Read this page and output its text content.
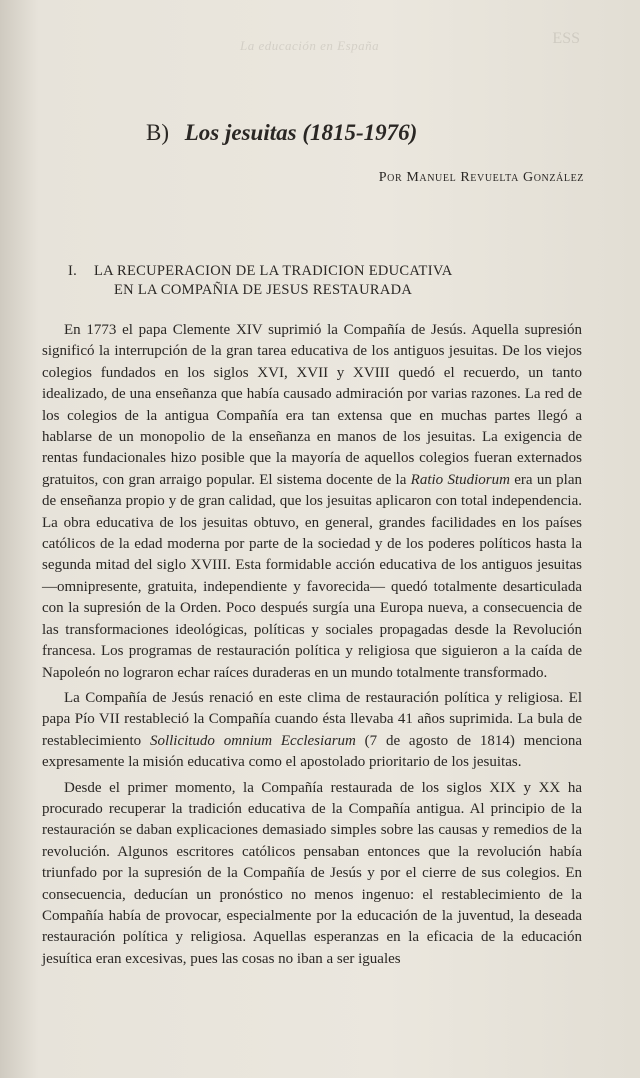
La educación en España	ESS
B) Los jesuitas (1815-1976)
Por Manuel Revuelta González
I. LA RECUPERACION DE LA TRADICION EDUCATIVA
EN LA COMPAÑIA DE JESUS RESTAURADA

En 1773 el papa Clemente XIV suprimió la Compañía de Jesús. Aquella supresión significó la interrupción de la gran tarea educativa de los antiguos jesuitas. De los viejos colegios fundados en los siglos XVI, XVII y XVIII quedó el recuerdo, un tanto idealizado, de una enseñanza que había causado admiración por varias razones. La red de los colegios de la antigua Compañía era tan extensa que en muchas partes llegó a hablarse de un monopolio de la enseñanza en manos de los jesuitas. La exigencia de rentas fundacionales hizo posible que la mayoría de aquellos colegios fueran externados gratuitos, con gran arraigo popular. El sistema docente de la Ratio Studiorum era un plan de enseñanza propio y de gran calidad, que los jesuitas aplicaron con total independencia. La obra educativa de los jesuitas obtuvo, en general, grandes facilidades en los países católicos de la edad moderna por parte de la sociedad y de los poderes políticos hasta la segunda mitad del siglo XVIII. Esta formidable acción educativa de los antiguos jesuitas —omnipresente, gratuita, independiente y favorecida— quedó totalmente desarticulada con la supresión de la Orden. Poco después surgía una Europa nueva, a consecuencia de las transformaciones ideológicas, políticas y sociales propagadas desde la Revolución francesa. Los programas de restauración política y religiosa que siguieron a la caída de Napoleón no lograron echar raíces duraderas en un mundo totalmente transformado.

La Compañía de Jesús renació en este clima de restauración política y religiosa. El papa Pío VII restableció la Compañía cuando ésta llevaba 41 años suprimida. La bula de restablecimiento Sollicitudo omnium Ecclesiarum (7 de agosto de 1814) menciona expresamente la misión educativa como el apostolado prioritario de los jesuitas.

Desde el primer momento, la Compañía restaurada de los siglos XIX y XX ha procurado recuperar la tradición educativa de la Compañía antigua. Al principio de la restauración se daban explicaciones demasiado simples sobre las causas y remedios de la revolución. Algunos escritores católicos pensaban entonces que la revolución había triunfado por la supresión de la Compañía de Jesús y por el cierre de sus colegios. En consecuencia, deducían un pronóstico no menos ingenuo: el restablecimiento de la Compañía había de provocar, especialmente por la educación de la juventud, la deseada restauración política y religiosa. Aquellas esperanzas en la eficacia de la educación jesuítica eran excesivas, pues las cosas no iban a ser iguales
